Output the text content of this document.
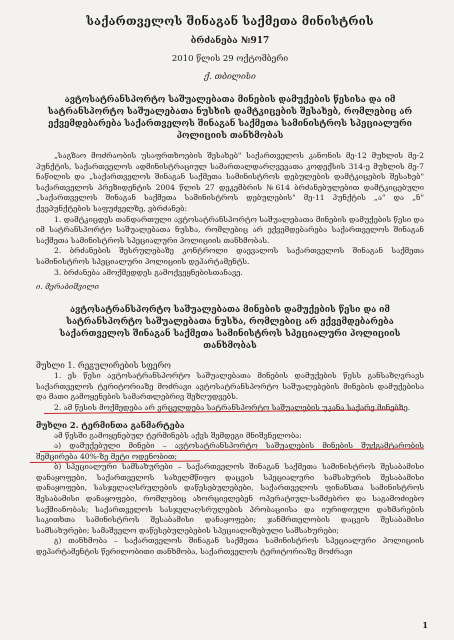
საქართველოს შინაგან საქმეთა მინისტრის
ბრძანება №917
2010 წლის 29 ოქტომბერი
ქ. თბილისი
ავტოსატრანსპორტო საშუალებათა მინების დამუქების წესისა და იმ სატრანსპორტო საშუალებათა ნუსხის დამტკიცების შესახებ, რომლებიც არ ექვემდებარება საქართველოს შინაგან საქმეთა სამინისტროს სპეციალური პოლიციის თანხმობას
„საგზაო მოძრაობის უსაფრთხოების შესახებ" საქართველოს კანონის მე-12 მუხლის მე-2 პუნქტის, საქართველოს ადმინისტრაციულ სამართალდარღვევათა კოდექსის 314-ე მუხლის მე-7 ნაწილის და „საქართველოს შინაგან საქმეთა სამინისტროს დებულების დამტკიცების შესახებ" საქართველოს პრეზიდენტის 2004 წლის 27 დეკემბრის №614 ბრძანებულებით დამტკიცებული „საქართველოს შინაგან საქმეთა სამინისტროს დებულების" მე-11 პუნქტის „ა" და „ნ" ქვეპუნქტების საფუძველზე, ვბრძანებ:

1. დამტკიცდეს თანდართული ავტოსატრანსპორტო საშუალებათა მინების დამუქების წესი და იმ სატრანსპორტო საშუალებათა ნუსხა, რომლებიც არ ექვემდებარება საქართველოს შინაგან საქმეთა სამინისტროს სპეციალური პოლიციის თანხმობას.

2. ბრძანების შესრულებაზე კონტროლი დაევალოს საქართველოს შინაგან საქმეთა სამინისტროს სპეციალური პოლიციის დეპარტამენტს.

3. ბრძანება ამოქმედდეს გამოქვეყნებისთანავე.

ი. მერაბიშვილი
ავტოსატრანსპორტო საშუალებათა მინების დამუქების წესი და იმ სატრანსპორტო საშუალებათა ნუსხა, რომლებიც არ ექვემდებარება საქართველოს შინაგან საქმეთა სამინისტროს სპეციალური პოლიციის თანხმობას
მუხლი 1. რეგულირების სფერო

1. ეს წესი ავტოსატრანსპორტო საშუალებათა მინების დამუქების წესს განსაზღვრავს საქართველოს ტერიტორიაზე მოძრავი ავტოსატრანსპორტო საშუალებების მინების დამუქებისა და მათი გამოყენების სამართლებრივ შეზღუდვებს.

2. ამ წესის მოქმედება არ ვრცელდება სატრანსპორტო საშუალების უკანა საქარე მინებზე.

მუხლი 2. ტერმინთა განმარტება

ამ წესში გამოყენებულ ტერმინებს აქვს შემდეგი მნიშვნელობა:

ა) დამუქებული მინები – ავტოსატრანსპორტო საშუალების მინების შუქგამტარობის შემცირება 40%-ზე მეტი ოდენობით;

ბ) სპეციალური სამსახურები – საქართველოს შინაგან საქმეთა სამინისტროს შესაბამისი დანაყოფები, საქართველოს სახელმწიფო დაცვის სპეციალური სამსახურის შესაბამისი დანაყოფები, სასჯელაღსრულების დაწესებულებები, საქართველოს ფინანსთა სამინისტროს შესაბამისი დანაყოფები, რომლებიც ახორციელებენ ოპერატიულ-სამძებრო და საგამოძიებო საქმიანობას; საქართველოს სასჯელაღსრულების პრობაციისა და იურიდიული დახმარების საკითხთა სამინისტროს შესაბამისი დანაყოფები; ჯანმრთელობის დაცვის შესაბამისი სამსახურები; სამაშველო დაწესებულებების სპეციალიზებული სამსახურები;

გ) თანხმობა – საქართველოს შინაგან საქმეთა სამინისტროს სპეციალური პოლიციის დეპარტამენტის წერილობითი თანხმობა, საქართველოს ტერიტორიაზე მოძრავი

1
